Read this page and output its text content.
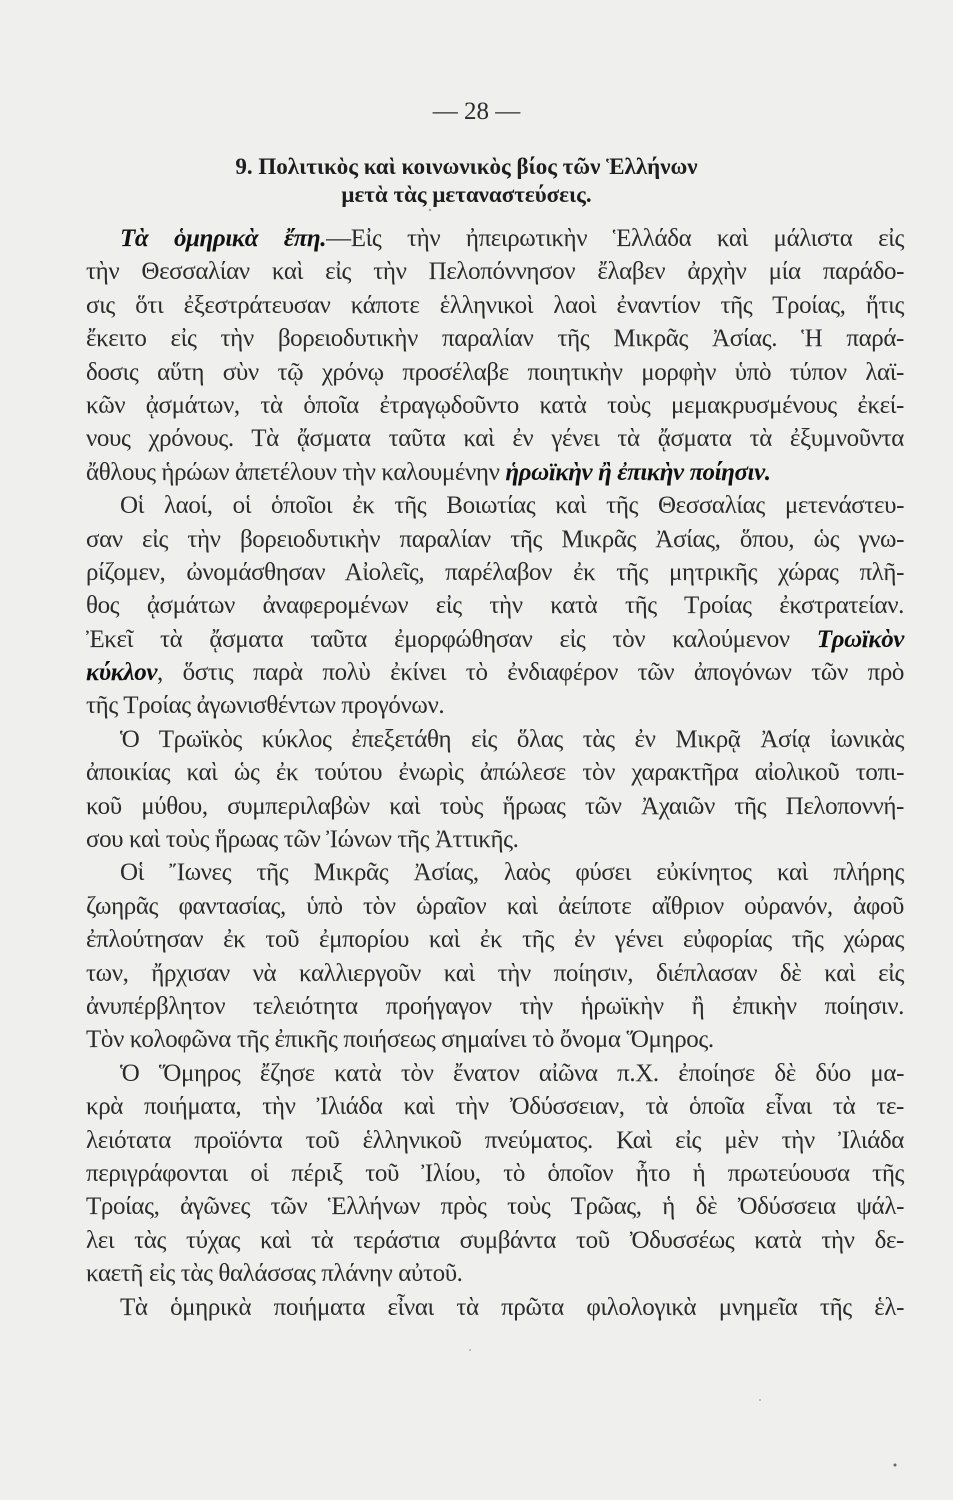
— 28 —
9. Πολιτικὸς καὶ κοινωνικὸς βίος τῶν Ἑλλήνων
μετὰ τὰς μεταναστεύσεις.
Τὰ ὁμηρικὰ ἔπη.—Εἰς τὴν ἠπειρωτικὴν Ἑλλάδα καὶ μάλιστα εἰς
τὴν Θεσσαλίαν καὶ εἰς τὴν Πελοπόννησον ἔλαβεν ἀρχὴν μία παράδο-
σις ὅτι ἐξεστράτευσαν κάποτε ἑλληνικοὶ λαοὶ ἐναντίον τῆς Τροίας, ἥτις
ἔκειτο εἰς τὴν βορειοδυτικὴν παραλίαν τῆς Μικρᾶς Ἀσίας. Ἡ παρά-
δοσις αὕτη σὺν τῷ χρόνῳ προσέλαβε ποιητικὴν μορφὴν ὑπὸ τύπον λαϊ-
κῶν ᾀσμάτων, τὰ ὁποῖα ἐτραγῳδοῦντο κατὰ τοὺς μεμακρυσμένους ἐκεί-
νους χρόνους. Τὰ ᾄσματα ταῦτα καὶ ἐν γένει τὰ ᾄσματα τὰ ἐξυμνοῦντα
ἄθλους ἡρώων ἀπετέλουν τὴν καλουμένην ἡρωϊκὴν ἢ ἐπικὴν ποίησιν.
Οἱ λαοί, οἱ ὁποῖοι ἐκ τῆς Βοιωτίας καὶ τῆς Θεσσαλίας μετενάστευ-
σαν εἰς τὴν βορειοδυτικὴν παραλίαν τῆς Μικρᾶς Ἀσίας, ὅπου, ὡς γνω-
ρίζομεν, ὠνομάσθησαν Αἰολεῖς, παρέλαβον ἐκ τῆς μητρικῆς χώρας πλῆ-
θος ᾀσμάτων ἀναφερομένων εἰς τὴν κατὰ τῆς Τροίας ἐκστρατείαν.
Ἐκεῖ τὰ ᾄσματα ταῦτα ἐμορφώθησαν εἰς τὸν καλούμενον Τρωϊκὸν
κύκλον, ὅστις παρὰ πολὺ ἐκίνει τὸ ἐνδιαφέρον τῶν ἀπογόνων τῶν πρὸ
τῆς Τροίας ἀγωνισθέντων προγόνων.
Ὁ Τρωϊκὸς κύκλος ἐπεξετάθη εἰς ὅλας τὰς ἐν Μικρᾷ Ἀσίᾳ ἰωνικὰς
ἀποικίας καὶ ὡς ἐκ τούτου ἐνωρὶς ἀπώλεσε τὸν χαρακτῆρα αἰολικοῦ τοπι-
κοῦ μύθου, συμπεριλαβὼν καὶ τοὺς ἥρωας τῶν Ἀχαιῶν τῆς Πελοποννή-
σου καὶ τοὺς ἥρωας τῶν Ἰώνων τῆς Ἀττικῆς.
Οἱ Ἴωνες τῆς Μικρᾶς Ἀσίας, λαὸς φύσει εὐκίνητος καὶ πλήρης
ζωηρᾶς φαντασίας, ὑπὸ τὸν ὡραῖον καὶ ἀείποτε αἴθριον οὐρανόν, ἀφοῦ
ἐπλούτησαν ἐκ τοῦ ἐμπορίου καὶ ἐκ τῆς ἐν γένει εὐφορίας τῆς χώρας
των, ἤρχισαν νὰ καλλιεργοῦν καὶ τὴν ποίησιν, διέπλασαν δὲ καὶ εἰς
ἀνυπέρβλητον τελειότητα προήγαγον τὴν ἡρωϊκὴν ἢ ἐπικὴν ποίησιν.
Τὸν κολοφῶνα τῆς ἐπικῆς ποιήσεως σημαίνει τὸ ὄνομα Ὅμηρος.
Ὁ Ὅμηρος ἔζησε κατὰ τὸν ἔνατον αἰῶνα π.Χ. ἐποίησε δὲ δύο μα-
κρὰ ποιήματα, τὴν Ἰλιάδα καὶ τὴν Ὀδύσσειαν, τὰ ὁποῖα εἶναι τὰ τε-
λειότατα προϊόντα τοῦ ἑλληνικοῦ πνεύματος. Καὶ εἰς μὲν τὴν Ἰλιάδα
περιγράφονται οἱ πέριξ τοῦ Ἰλίου, τὸ ὁποῖον ἦτο ἡ πρωτεύουσα τῆς
Τροίας, ἀγῶνες τῶν Ἑλλήνων πρὸς τοὺς Τρῶας, ἡ δὲ Ὀδύσσεια ψάλ-
λει τὰς τύχας καὶ τὰ τεράστια συμβάντα τοῦ Ὀδυσσέως κατὰ τὴν δε-
καετῆ εἰς τὰς θαλάσσας πλάνην αὐτοῦ.
Τὰ ὁμηρικὰ ποιήματα εἶναι τὰ πρῶτα φιλολογικὰ μνημεῖα τῆς ἑλ-
